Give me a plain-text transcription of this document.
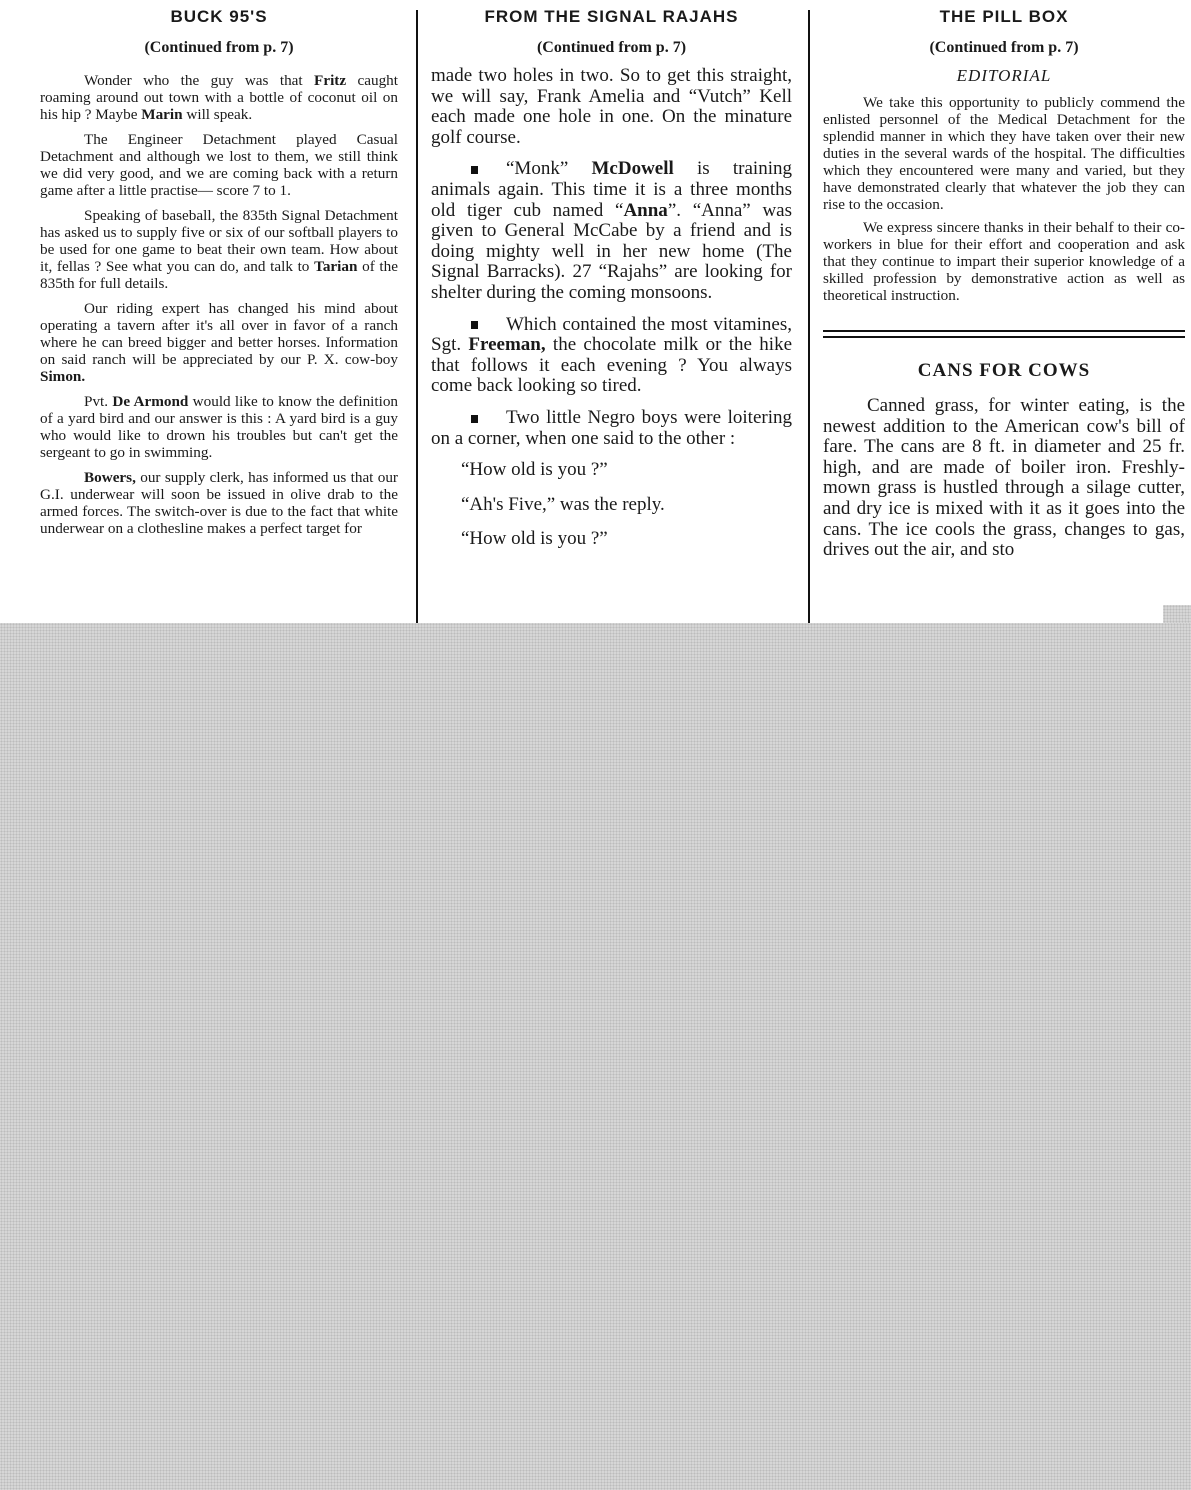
BUCK 95'S
(Continued from p. 7)

Wonder who the guy was that Fritz caught roaming around out town with a bottle of coconut oil on his hip ? Maybe Marin will speak.

The Engineer Detachment played Casual Detachment and although we lost to them, we still think we did very good, and we are coming back with a return game after a little practise— score 7 to 1.

Speaking of baseball, the 835th Signal Detachment has asked us to supply five or six of our softball players to be used for one game to beat their own team. How about it, fellas ? See what you can do, and talk to Tarian of the 835th for full details.

Our riding expert has changed his mind about operating a tavern after it's all over in favor of a ranch where he can breed bigger and better horses. Information on said ranch will be appreciated by our P. X. cow-boy Simon.

Pvt. De Armond would like to know the definition of a yard bird and our answer is this : A yard bird is a guy who would like to drown his troubles but can't get the sergeant to go in swimming.

Bowers, our supply clerk, has informed us that our G.I. underwear will soon be issued in olive drab to the armed forces. The switch-over is due to the fact that white underwear on a clothesline makes a perfect target for

FROM THE SIGNAL RAJAHS
(Continued from p. 7)

made two holes in two. So to get this straight, we will say, Frank Amelia and “Vutch” Kell each made one hole in one. On the minature golf course.

“Monk” McDowell is training animals again. This time it is a three months old tiger cub named “Anna”. “Anna” was given to General McCabe by a friend and is doing mighty well in her new home (The Signal Barracks). 27 “Rajahs” are looking for shelter during the coming monsoons.

Which contained the most vitamines, Sgt. Freeman, the chocolate milk or the hike that follows it each evening ? You always come back looking so tired.

Two little Negro boys were loitering on a corner, when one said to the other :

“How old is you ?”

“Ah's Five,” was the reply.

“How old is you ?”

THE PILL BOX
(Continued from p. 7)
EDITORIAL

We take this opportunity to publicly commend the enlisted personnel of the Medical Detachment for the splendid manner in which they have taken over their new duties in the several wards of the hospital. The difficulties which they encountered were many and varied, but they have demonstrated clearly that whatever the job they can rise to the occasion.

We express sincere thanks in their behalf to their co-workers in blue for their effort and cooperation and ask that they continue to impart their superior knowledge of a skilled profession by demonstrative action as well as theoretical instruction.

CANS FOR COWS

Canned grass, for winter eating, is the newest addition to the American cow's bill of fare. The cans are 8 ft. in diameter and 25 fr. high, and are made of boiler iron. Freshly-mown grass is hustled through a silage cutter, and dry ice is mixed with it as it goes into the cans. The ice cools the grass, changes to gas, drives out the air, and sto
